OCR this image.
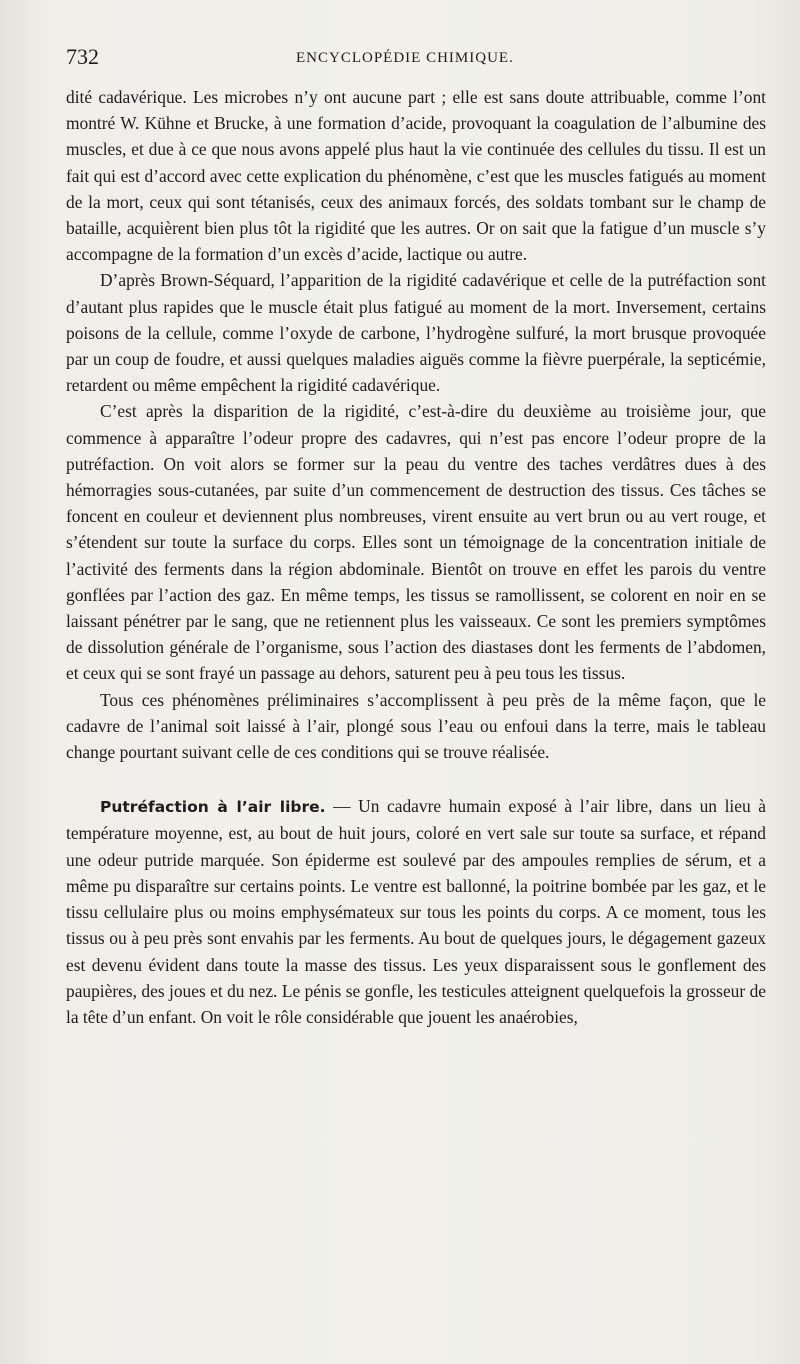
732	ENCYCLOPÉDIE CHIMIQUE.

dité cadavérique. Les microbes n’y ont aucune part ; elle est sans doute attribuable, comme l’ont montré W. Kühne et Brucke, à une formation d’acide, provoquant la coagulation de l’albumine des muscles, et due à ce que nous avons appelé plus haut la vie continuée des cellules du tissu. Il est un fait qui est d’accord avec cette explication du phénomène, c’est que les muscles fatigués au moment de la mort, ceux qui sont tétanisés, ceux des animaux forcés, des soldats tombant sur le champ de bataille, acquièrent bien plus tôt la rigidité que les autres. Or on sait que la fatigue d’un muscle s’y accompagne de la formation d’un excès d’acide, lactique ou autre.

D’après Brown-Séquard, l’apparition de la rigidité cadavérique et celle de la putréfaction sont d’autant plus rapides que le muscle était plus fatigué au moment de la mort. Inversement, certains poisons de la cellule, comme l’oxyde de carbone, l’hydrogène sulfuré, la mort brusque provoquée par un coup de foudre, et aussi quelques maladies aiguës comme la fièvre puerpérale, la septicémie, retardent ou même empêchent la rigidité cadavérique.

C’est après la disparition de la rigidité, c’est-à-dire du deuxième au troisième jour, que commence à apparaître l’odeur propre des cadavres, qui n’est pas encore l’odeur propre de la putréfaction. On voit alors se former sur la peau du ventre des taches verdâtres dues à des hémorragies sous-cutanées, par suite d’un commencement de destruction des tissus. Ces tâches se foncent en couleur et deviennent plus nombreuses, virent ensuite au vert brun ou au vert rouge, et s’étendent sur toute la surface du corps. Elles sont un témoignage de la concentration initiale de l’activité des ferments dans la région abdominale. Bientôt on trouve en effet les parois du ventre gonflées par l’action des gaz. En même temps, les tissus se ramollissent, se colorent en noir en se laissant pénétrer par le sang, que ne retiennent plus les vaisseaux. Ce sont les premiers symptômes de dissolution générale de l’organisme, sous l’action des diastases dont les ferments de l’abdomen, et ceux qui se sont frayé un passage au dehors, saturent peu à peu tous les tissus.

Tous ces phénomènes préliminaires s’accomplissent à peu près de la même façon, que le cadavre de l’animal soit laissé à l’air, plongé sous l’eau ou enfoui dans la terre, mais le tableau change pourtant suivant celle de ces conditions qui se trouve réalisée.

Putréfaction à l’air libre. — Un cadavre humain exposé à l’air libre, dans un lieu à température moyenne, est, au bout de huit jours, coloré en vert sale sur toute sa surface, et répand une odeur putride marquée. Son épiderme est soulevé par des ampoules remplies de sérum, et a même pu disparaître sur certains points. Le ventre est ballonné, la poitrine bombée par les gaz, et le tissu cellulaire plus ou moins emphysémateux sur tous les points du corps. A ce moment, tous les tissus ou à peu près sont envahis par les ferments. Au bout de quelques jours, le dégagement gazeux est devenu évident dans toute la masse des tissus. Les yeux disparaissent sous le gonflement des paupières, des joues et du nez. Le pénis se gonfle, les testicules atteignent quelquefois la grosseur de la tête d’un enfant. On voit le rôle considérable que jouent les anaérobies,
